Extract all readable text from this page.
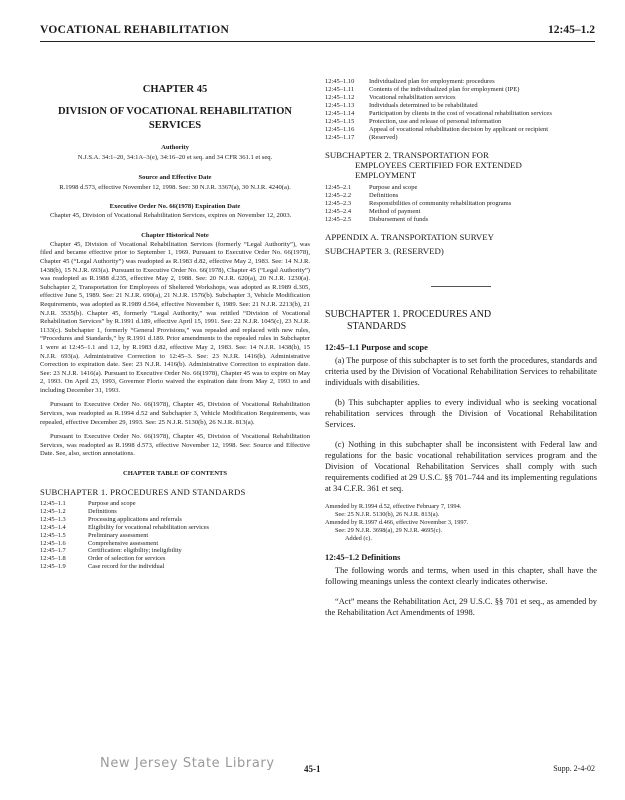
VOCATIONAL REHABILITATION	12:45–1.2
CHAPTER 45
DIVISION OF VOCATIONAL REHABILITATION SERVICES
Authority
N.J.S.A. 34:1–20, 34:1A–3(e), 34:16–20 et seq. and 34 CFR 361.1 et seq.
Source and Effective Date
R.1998 d.573, effective November 12, 1998. See: 30 N.J.R. 3367(a), 30 N.J.R. 4240(a).
Executive Order No. 66(1978) Expiration Date

Chapter 45, Division of Vocational Rehabilitation Services, expires on November 12, 2003.

Chapter Historical Note

Chapter 45, Division of Vocational Rehabilitation Services (formerly “Legal Authority”), was filed and became effective prior to September 1, 1969. Pursuant to Executive Order No. 66(1978), Chapter 45 (“Legal Authority”) was readopted as R.1983 d.82, effective May 2, 1983. See: 14 N.J.R. 1438(b), 15 N.J.R. 693(a). Pursuant to Executive Order No. 66(1978), Chapter 45 (“Legal Authority”) was readopted as R.1988 d.235, effective May 2, 1988. See: 20 N.J.R. 620(a), 20 N.J.R. 1230(a). Subchapter 2, Transportation for Employees of Sheltered Workshops, was adopted as R.1989 d.305, effective June 5, 1989. See: 21 N.J.R. 690(a), 21 N.J.R. 1576(b). Subchapter 3, Vehicle Modification Requirements, was adopted as R.1989 d.564, effective November 6, 1989. See: 21 N.J.R. 2213(b), 21 N.J.R. 3535(b). Chapter 45, formerly “Legal Authority,” was retitled “Division of Vocational Rehabilitation Services” by R.1991 d.189, effective April 15, 1991. See: 22 N.J.R. 1045(c), 23 N.J.R. 1133(c). Subchapter 1, formerly “General Provisions,” was repealed and replaced with new rules, “Procedures and Standards,” by R.1991 d.189. Prior amendments to the repealed rules in Subchapter 1 were at 12:45–1.1 and 1.2, by R.1983 d.82, effective May 2, 1983. See: 14 N.J.R. 1438(b), 15 N.J.R. 693(a). Administrative Correction to 12:45–3. See: 23 N.J.R. 1416(b). Administrative Correction to expiration date. See: 23 N.J.R. 1416(b). Administrative Correction to expiration date. See: 23 N.J.R. 1416(a). Pursuant to Executive Order No. 66(1978), Chapter 45 was to expire on May 2, 1993. On April 23, 1993, Governor Florio waived the expiration date from May 2, 1993 to and including December 31, 1993.

Pursuant to Executive Order No. 66(1978), Chapter 45, Division of Vocational Rehabilitation Services, was readopted as R.1994 d.52 and Subchapter 3, Vehicle Modification Requirements, was repealed, effective December 29, 1993. See: 25 N.J.R. 5130(b), 26 N.J.R. 813(a).

Pursuant to Executive Order No. 66(1978), Chapter 45, Division of Vocational Rehabilitation Services, was readopted as R.1998 d.573, effective November 12, 1998. See: Source and Effective Date. See, also, section annotations.

CHAPTER TABLE OF CONTENTS
SUBCHAPTER 1. PROCEDURES AND STANDARDS
12:45–1.1	Purpose and scope
12:45–1.2	Definitions
12:45–1.3	Processing applications and referrals
12:45–1.4	Eligibility for vocational rehabilitation services
12:45–1.5	Preliminary assessment
12:45–1.6	Comprehensive assessment
12:45–1.7	Certification: eligibility; ineligibility
12:45–1.8	Order of selection for services
12:45–1.9	Case record for the individual
12:45–1.10	Individualized plan for employment: procedures
12:45–1.11	Contents of the individualized plan for employment (IPE)
12:45–1.12	Vocational rehabilitation services
12:45–1.13	Individuals determined to be rehabilitated
12:45–1.14	Participation by clients in the cost of vocational rehabilitation services
12:45–1.15	Protection, use and release of personal information
12:45–1.16	Appeal of vocational rehabilitation decision by applicant or recipient
12:45–1.17	(Reserved)
SUBCHAPTER 2. TRANSPORTATION FOR
EMPLOYEES CERTIFIED FOR EXTENDED
EMPLOYMENT
12:45–2.1	Purpose and scope
12:45–2.2	Definitions
12:45–2.3	Responsibilities of community rehabilitation programs
12:45–2.4	Method of payment
12:45–2.5	Disbursement of funds
APPENDIX A. TRANSPORTATION SURVEY
SUBCHAPTER 3. (RESERVED)
SUBCHAPTER 1. PROCEDURES AND
STANDARDS
12:45–1.1 Purpose and scope

(a) The purpose of this subchapter is to set forth the procedures, standards and criteria used by the Division of Vocational Rehabilitation Services to rehabilitate individuals with disabilities.

(b) This subchapter applies to every individual who is seeking vocational rehabilitation services through the Division of Vocational Rehabilitation Services.

(c) Nothing in this subchapter shall be inconsistent with Federal law and regulations for the basic vocational rehabilitation services program and the Division of Vocational Rehabilitation Services shall comply with such requirements codified at 29 U.S.C. §§ 701–744 and its implementing regulations at 34 C.F.R. 361 et seq.

Amended by R.1994 d.52, effective February 7, 1994.
See: 25 N.J.R. 5130(b), 26 N.J.R. 813(a).
Amended by R.1997 d.466, effective November 3, 1997.
See: 29 N.J.R. 3698(a), 29 N.J.R. 4695(c).
Added (c).
12:45–1.2 Definitions

The following words and terms, when used in this chapter, shall have the following meanings unless the context clearly indicates otherwise.

“Act” means the Rehabilitation Act, 29 U.S.C. §§ 701 et seq., as amended by the Rehabilitation Act Amendments of 1998.

New Jersey State Library	45-1	Supp. 2-4-02
